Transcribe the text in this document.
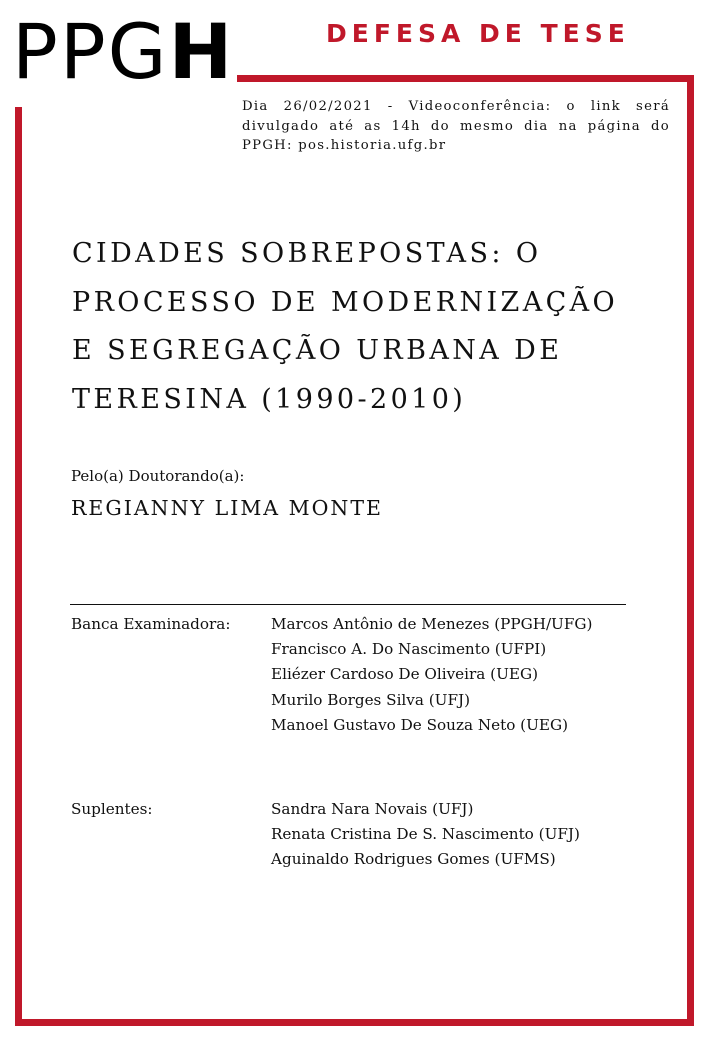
PPGH	DEFESA DE TESE
Dia 26/02/2021 - Videoconferência: o link será divulgado até as 14h do mesmo dia na página do PPGH: pos.historia.ufg.br
CIDADES SOBREPOSTAS: O
PROCESSO DE MODERNIZAÇÃO
E SEGREGAÇÃO URBANA DE
TERESINA (1990-2010)
Pelo(a) Doutorando(a):
REGIANNY LIMA MONTE
Banca Examinadora:	Marcos Antônio de Menezes (PPGH/UFG)
Francisco A. Do Nascimento (UFPI)
Eliézer Cardoso De Oliveira (UEG)
Murilo Borges Silva (UFJ)
Manoel Gustavo De Souza Neto (UEG)
Suplentes:	Sandra Nara Novais (UFJ)
Renata Cristina De S. Nascimento (UFJ)
Aguinaldo Rodrigues Gomes (UFMS)
